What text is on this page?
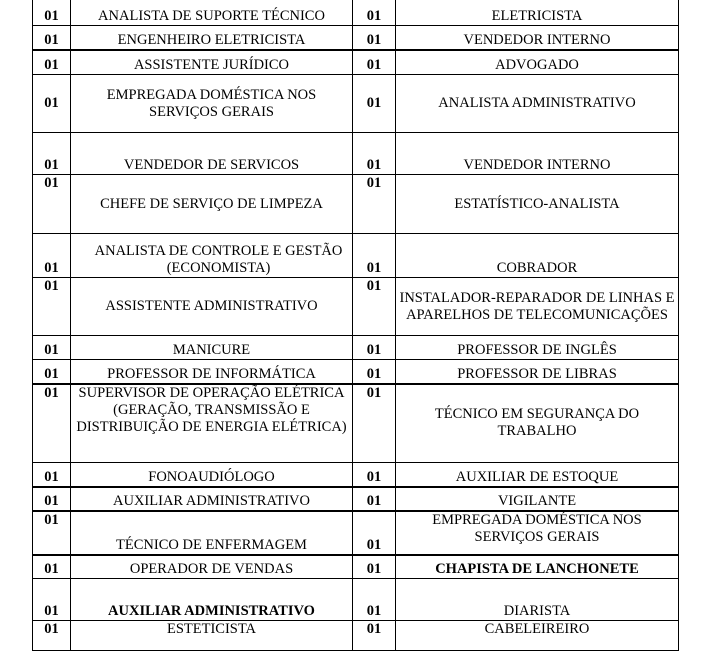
01	ANALISTA DE SUPORTE TÉCNICO	01	ELETRICISTA
01	ENGENHEIRO ELETRICISTA	01	VENDEDOR INTERNO
01	ASSISTENTE JURÍDICO	01	ADVOGADO
01	EMPREGADA DOMÉSTICA NOS SERVIÇOS GERAIS	01	ANALISTA ADMINISTRATIVO
01	VENDEDOR DE SERVICOS	01	VENDEDOR INTERNO
01	CHEFE DE SERVIÇO DE LIMPEZA	01	ESTATÍSTICO-ANALISTA
01	ANALISTA DE CONTROLE E GESTÃO (ECONOMISTA)	01	COBRADOR
01	ASSISTENTE ADMINISTRATIVO	01	INSTALADOR-REPARADOR DE LINHAS E APARELHOS DE TELECOMUNICAÇÕES
01	MANICURE	01	PROFESSOR DE INGLÊS
01	PROFESSOR DE INFORMÁTICA	01	PROFESSOR DE LIBRAS
01	SUPERVISOR DE OPERAÇÃO ELÉTRICA (GERAÇÃO, TRANSMISSÃO E DISTRIBUIÇÃO DE ENERGIA ELÉTRICA)	01	TÉCNICO EM SEGURANÇA DO TRABALHO
01	FONOAUDIÓLOGO	01	AUXILIAR DE ESTOQUE
01	AUXILIAR ADMINISTRATIVO	01	VIGILANTE
01	TÉCNICO DE ENFERMAGEM	01	EMPREGADA DOMÉSTICA NOS SERVIÇOS GERAIS
01	OPERADOR DE VENDAS	01	CHAPISTA DE LANCHONETE
01	AUXILIAR ADMINISTRATIVO	01	DIARISTA
01	ESTETICISTA	01	CABELEIREIRO
